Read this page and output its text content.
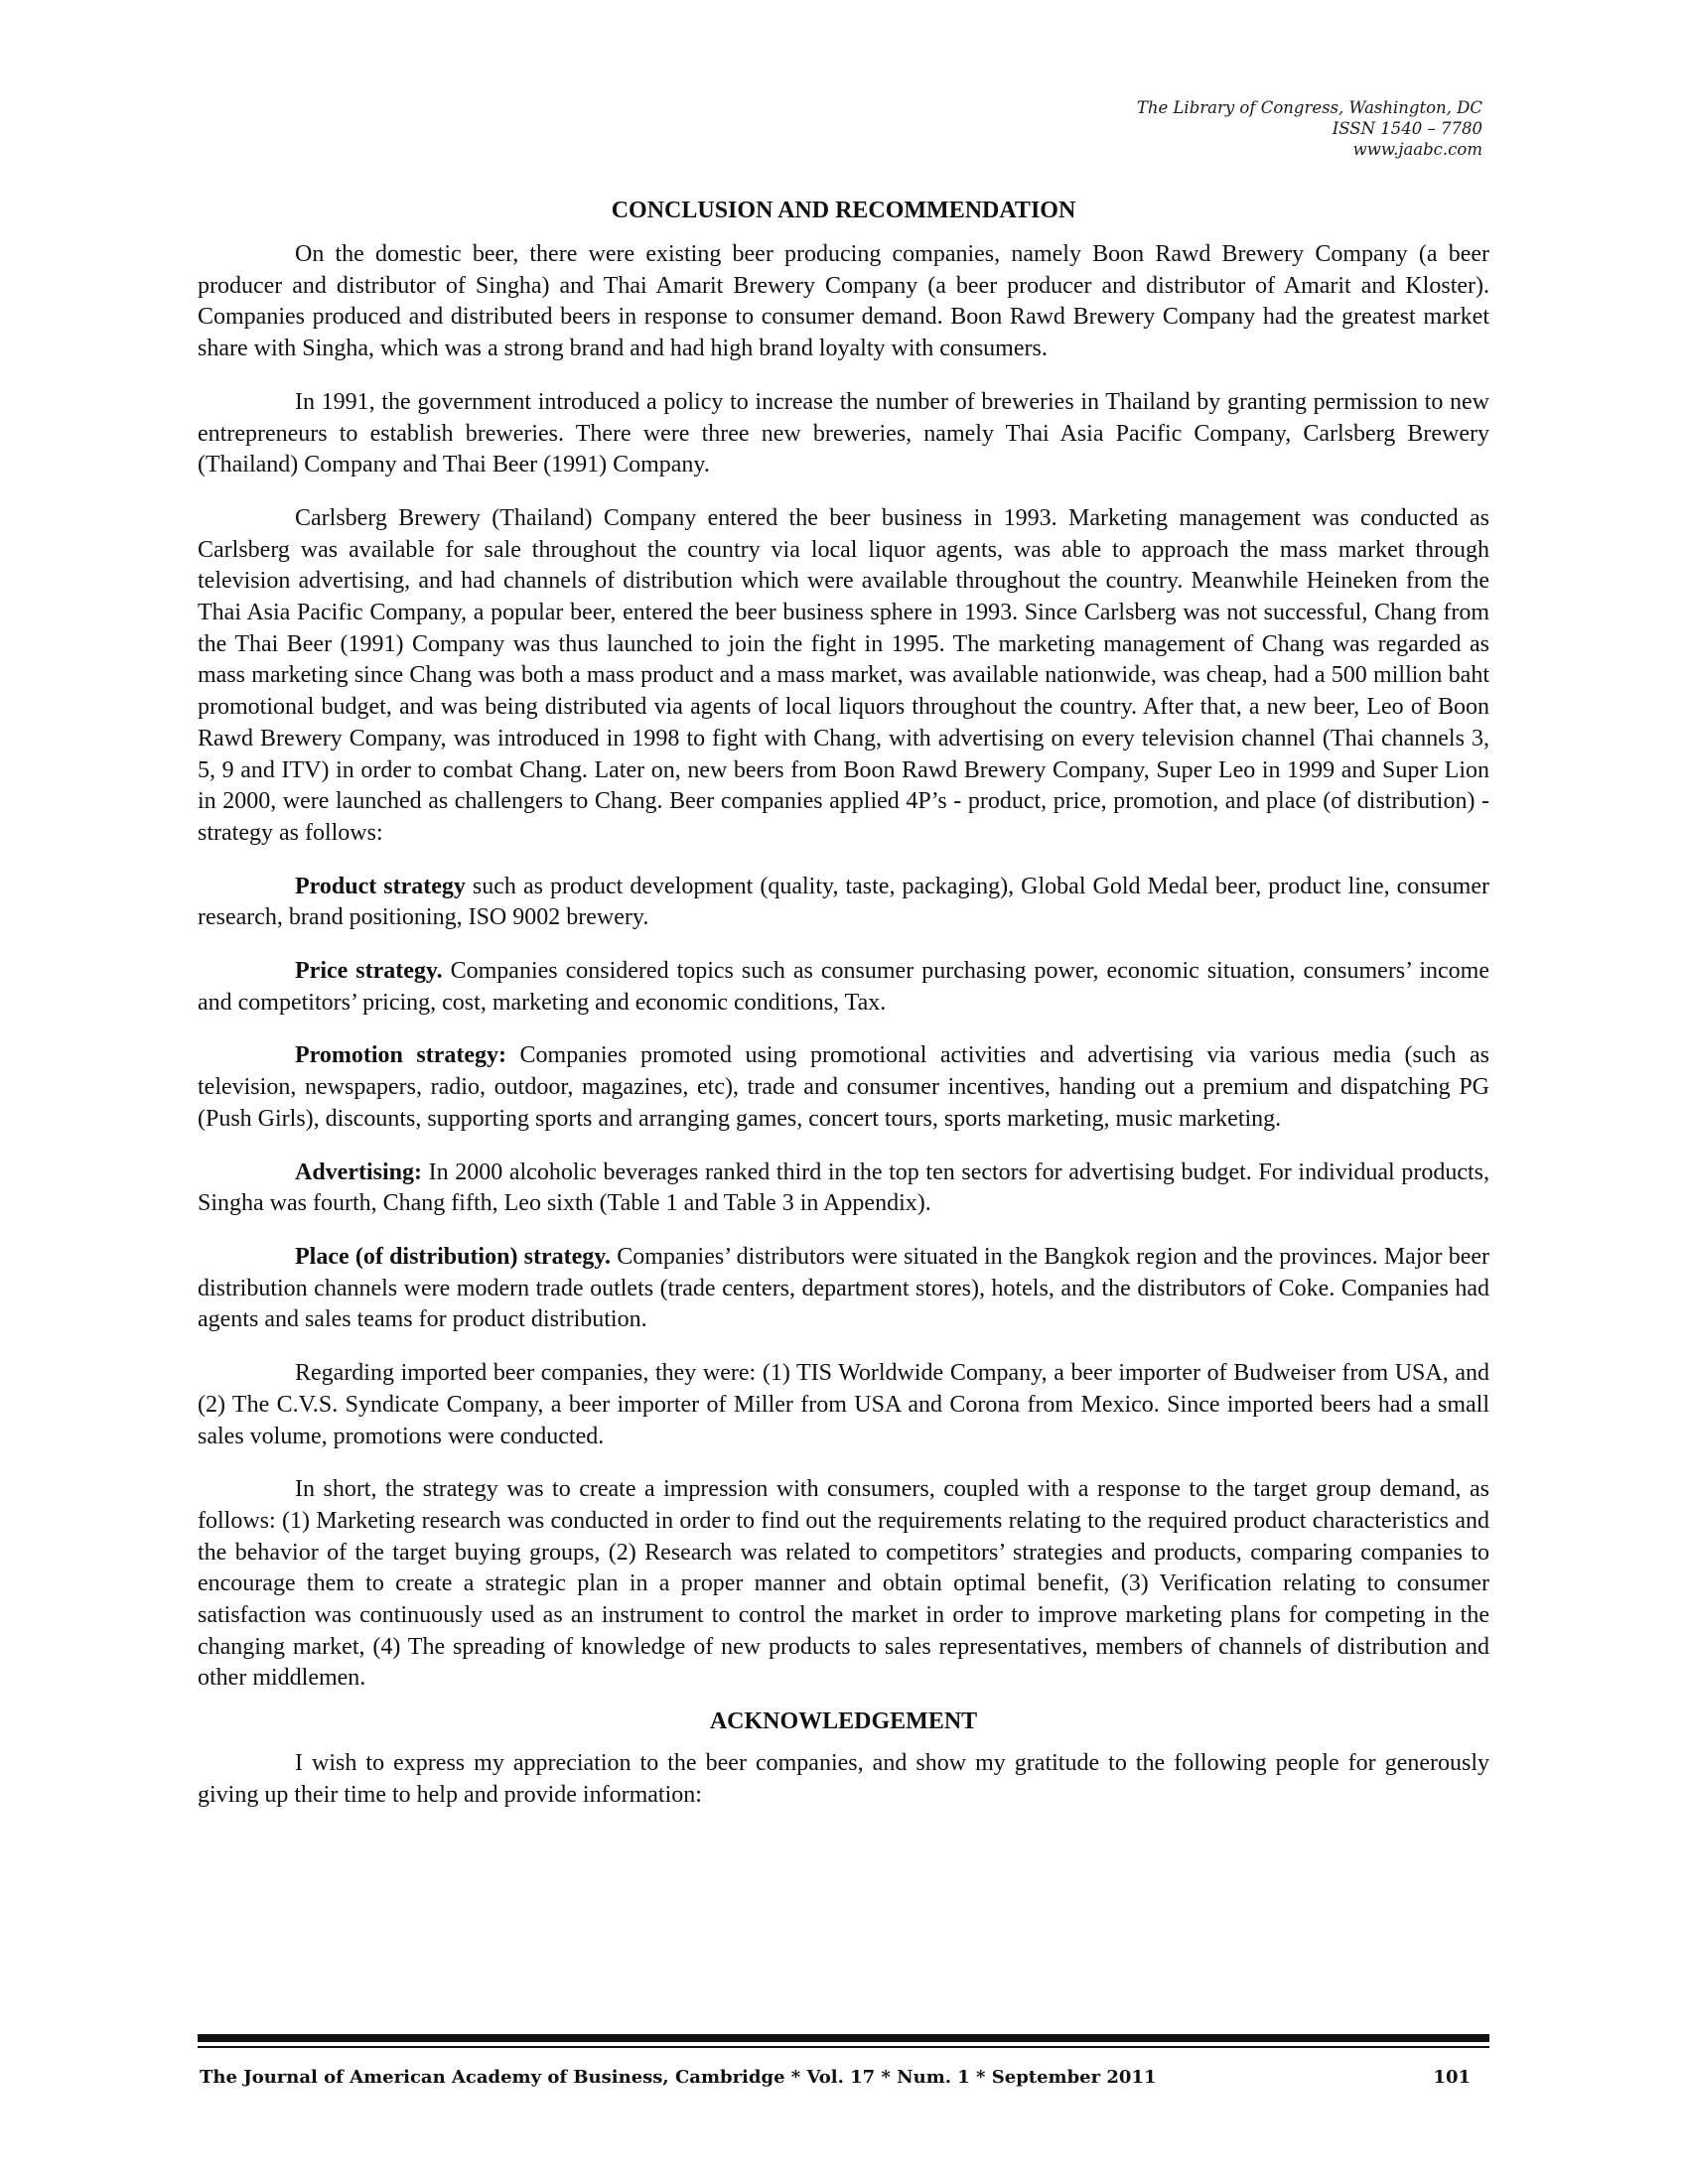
The Library of Congress, Washington, DC
ISSN 1540 – 7780
www.jaabc.com
CONCLUSION AND RECOMMENDATION

On the domestic beer, there were existing beer producing companies, namely Boon Rawd Brewery Company (a beer producer and distributor of Singha) and Thai Amarit Brewery Company (a beer producer and distributor of Amarit and Kloster). Companies produced and distributed beers in response to consumer demand. Boon Rawd Brewery Company had the greatest market share with Singha, which was a strong brand and had high brand loyalty with consumers.

In 1991, the government introduced a policy to increase the number of breweries in Thailand by granting permission to new entrepreneurs to establish breweries. There were three new breweries, namely Thai Asia Pacific Company, Carlsberg Brewery (Thailand) Company and Thai Beer (1991) Company.

Carlsberg Brewery (Thailand) Company entered the beer business in 1993. Marketing management was conducted as Carlsberg was available for sale throughout the country via local liquor agents, was able to approach the mass market through television advertising, and had channels of distribution which were available throughout the country. Meanwhile Heineken from the Thai Asia Pacific Company, a popular beer, entered the beer business sphere in 1993. Since Carlsberg was not successful, Chang from the Thai Beer (1991) Company was thus launched to join the fight in 1995. The marketing management of Chang was regarded as mass marketing since Chang was both a mass product and a mass market, was available nationwide, was cheap, had a 500 million baht promotional budget, and was being distributed via agents of local liquors throughout the country. After that, a new beer, Leo of Boon Rawd Brewery Company, was introduced in 1998 to fight with Chang, with advertising on every television channel (Thai channels 3, 5, 9 and ITV) in order to combat Chang. Later on, new beers from Boon Rawd Brewery Company, Super Leo in 1999 and Super Lion in 2000, were launched as challengers to Chang. Beer companies applied 4P’s - product, price, promotion, and place (of distribution) - strategy as follows:

Product strategy such as product development (quality, taste, packaging), Global Gold Medal beer, product line, consumer research, brand positioning, ISO 9002 brewery.

Price strategy. Companies considered topics such as consumer purchasing power, economic situation, consumers’ income and competitors’ pricing, cost, marketing and economic conditions, Tax.

Promotion strategy: Companies promoted using promotional activities and advertising via various media (such as television, newspapers, radio, outdoor, magazines, etc), trade and consumer incentives, handing out a premium and dispatching PG (Push Girls), discounts, supporting sports and arranging games, concert tours, sports marketing, music marketing.

Advertising: In 2000 alcoholic beverages ranked third in the top ten sectors for advertising budget. For individual products, Singha was fourth, Chang fifth, Leo sixth (Table 1 and Table 3 in Appendix).

Place (of distribution) strategy. Companies’ distributors were situated in the Bangkok region and the provinces. Major beer distribution channels were modern trade outlets (trade centers, department stores), hotels, and the distributors of Coke. Companies had agents and sales teams for product distribution.

Regarding imported beer companies, they were: (1) TIS Worldwide Company, a beer importer of Budweiser from USA, and (2) The C.V.S. Syndicate Company, a beer importer of Miller from USA and Corona from Mexico. Since imported beers had a small sales volume, promotions were conducted.

In short, the strategy was to create a impression with consumers, coupled with a response to the target group demand, as follows: (1) Marketing research was conducted in order to find out the requirements relating to the required product characteristics and the behavior of the target buying groups, (2) Research was related to competitors’ strategies and products, comparing companies to encourage them to create a strategic plan in a proper manner and obtain optimal benefit, (3) Verification relating to consumer satisfaction was continuously used as an instrument to control the market in order to improve marketing plans for competing in the changing market, (4) The spreading of knowledge of new products to sales representatives, members of channels of distribution and other middlemen.

ACKNOWLEDGEMENT

I wish to express my appreciation to the beer companies, and show my gratitude to the following people for generously giving up their time to help and provide information:

The Journal of American Academy of Business, Cambridge * Vol. 17 * Num. 1 * September 2011	101
